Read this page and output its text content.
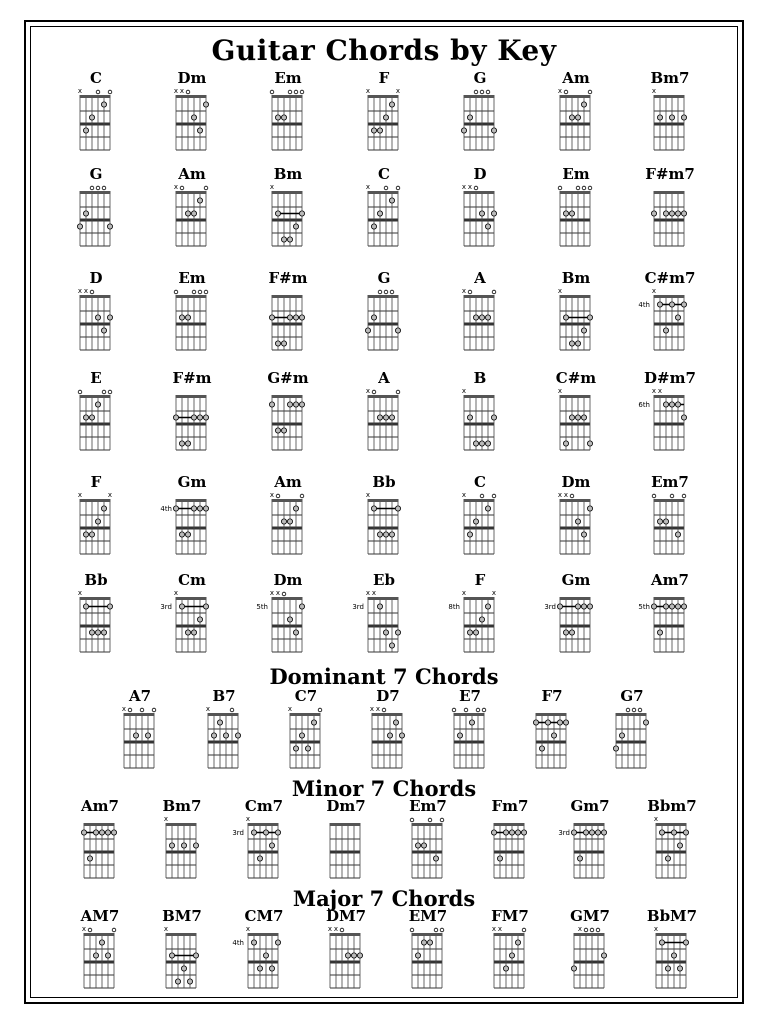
Guitar Chords by Key
Dominant 7 Chords
Minor 7 Chords
Major 7 Chords
C
x
Dm
x x
Em	F
x	x
G	Am
x
Bm7
x
G	Am
x
Bm
x
C
x
D
x x
Em	F#m7
D
x x
Em	F#m	G	A
x
Bm
x
C#m7
x
4th
E	F#m	G#m	A
x
B
x
C#m
x
D#m7
x x
6th
F
x	x
Gm
4th
Am
x
Bb
x
C
x
Dm
x x
Em7
Bb
x
Cm
x
3rd
Dm
x x
5th
Eb
x x
3rd
F
x	x
8th
Gm
3rd
Am7
5th
A7
x
B7
x
C7
x
D7
x x
E7	F7	G7
Am7	Bm7
x
Cm7
x
3rd
Dm7	Em7	Fm7	Gm7
3rd
Bbm7
x
AM7
x
BM7
x
CM7
x
4th
DM7
x x
EM7	FM7
x x
GM7
x
BbM7
x
